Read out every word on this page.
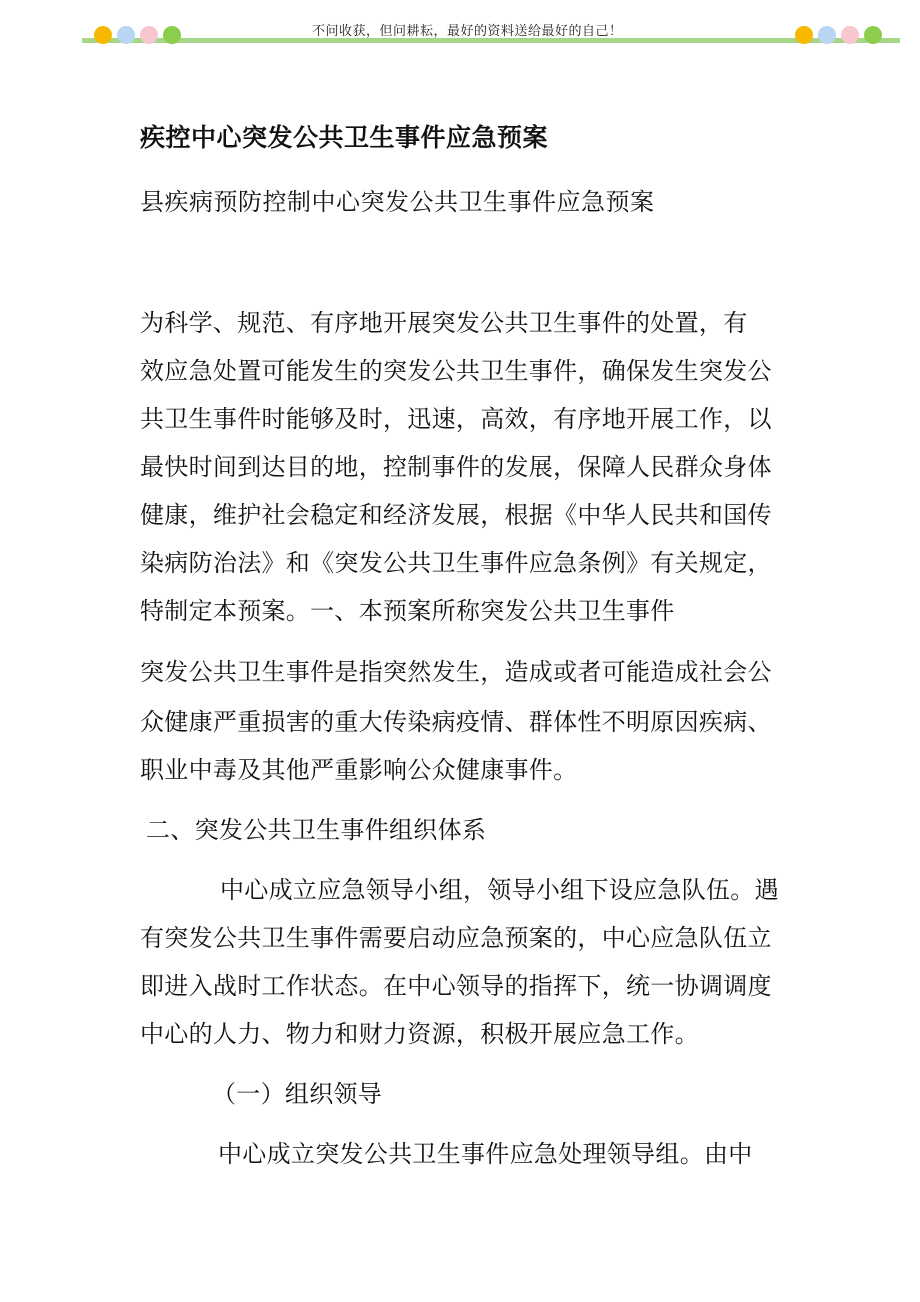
不问收获，但问耕耘，最好的资料送给最好的自己！
疾控中心突发公共卫生事件应急预案
县疾病预防控制中心突发公共卫生事件应急预案

为科学、规范、有序地开展突发公共卫生事件的处置，有

效应急处置可能发生的突发公共卫生事件，确保发生突发公

共卫生事件时能够及时，迅速，高效，有序地开展工作，以

最快时间到达目的地，控制事件的发展，保障人民群众身体

健康，维护社会稳定和经济发展，根据《中华人民共和国传

染病防治法》和《突发公共卫生事件应急条例》有关规定，

特制定本预案。一、本预案所称突发公共卫生事件

突发公共卫生事件是指突然发生，造成或者可能造成社会公

众健康严重损害的重大传染病疫情、群体性不明原因疾病、

职业中毒及其他严重影响公众健康事件。

二、突发公共卫生事件组织体系

中心成立应急领导小组，领导小组下设应急队伍。遇

有突发公共卫生事件需要启动应急预案的，中心应急队伍立

即进入战时工作状态。在中心领导的指挥下，统一协调调度

中心的人力、物力和财力资源，积极开展应急工作。

（一）组织领导

中心成立突发公共卫生事件应急处理领导组。由中
